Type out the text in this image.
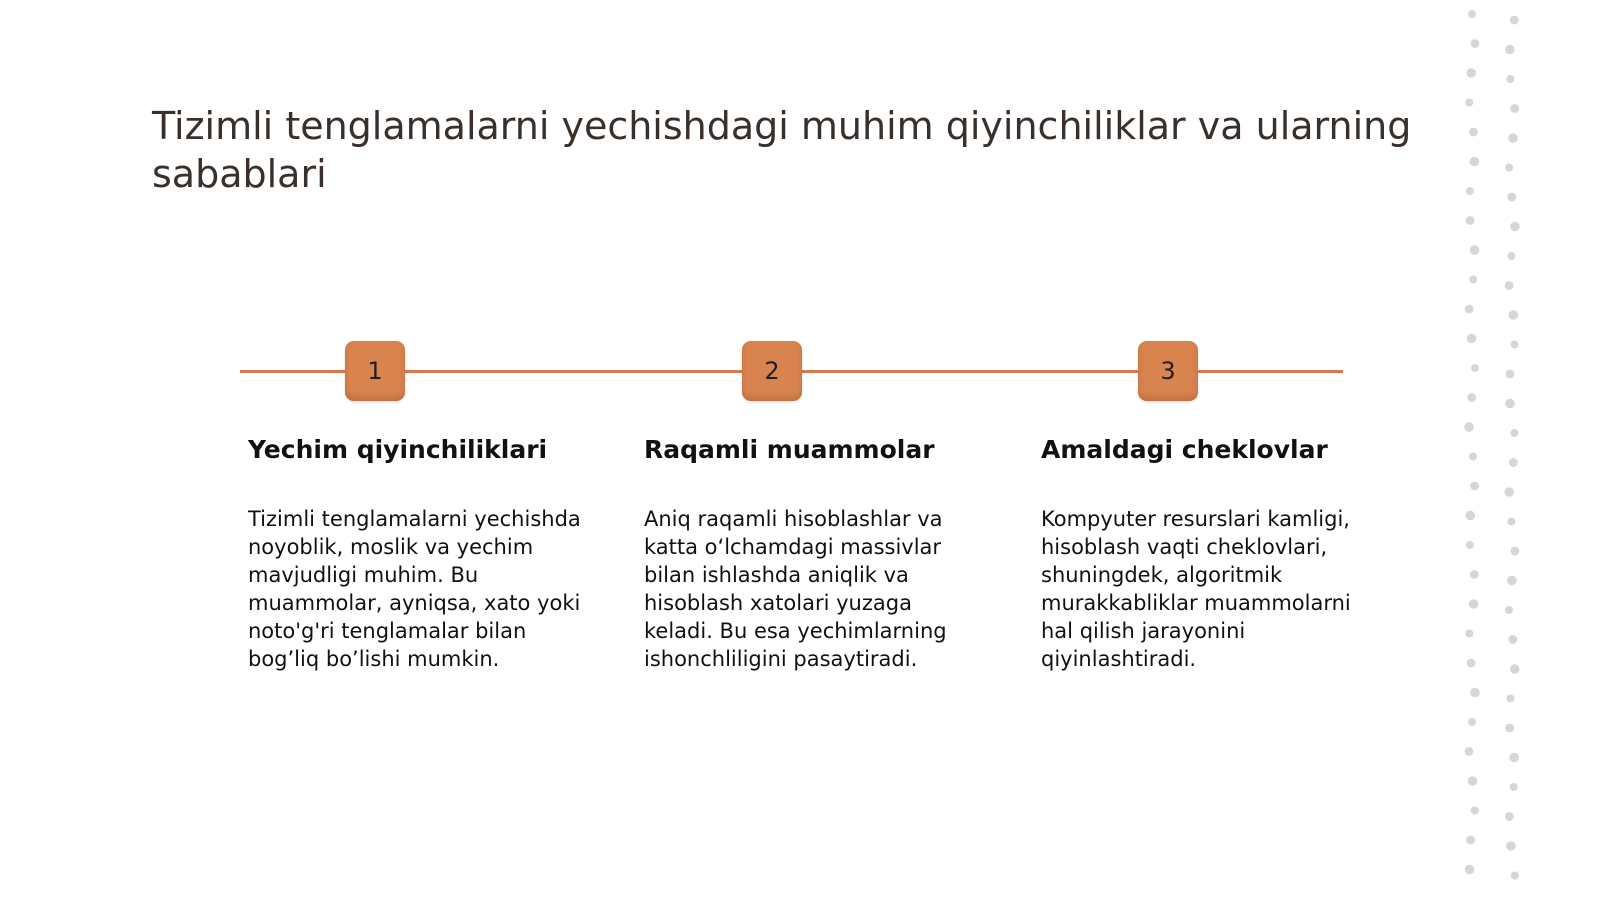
Tizimli tenglamalarni yechishdagi muhim qiyinchiliklar va ularning sabablari
1	2	3
Yechim qiyinchiliklari

Tizimli tenglamalarni yechishda noyoblik, moslik va yechim mavjudligi muhim. Bu muammolar, ayniqsa, xato yoki noto'g'ri tenglamalar bilan bog’liq bo’lishi mumkin.

Raqamli muammolar

Aniq raqamli hisoblashlar va katta o‘lchamdagi massivlar bilan ishlashda aniqlik va hisoblash xatolari yuzaga keladi. Bu esa yechimlarning ishonchliligini pasaytiradi.

Amaldagi cheklovlar

Kompyuter resurslari kamligi, hisoblash vaqti cheklovlari, shuningdek, algoritmik murakkabliklar muammolarni hal qilish jarayonini qiyinlashtiradi.
